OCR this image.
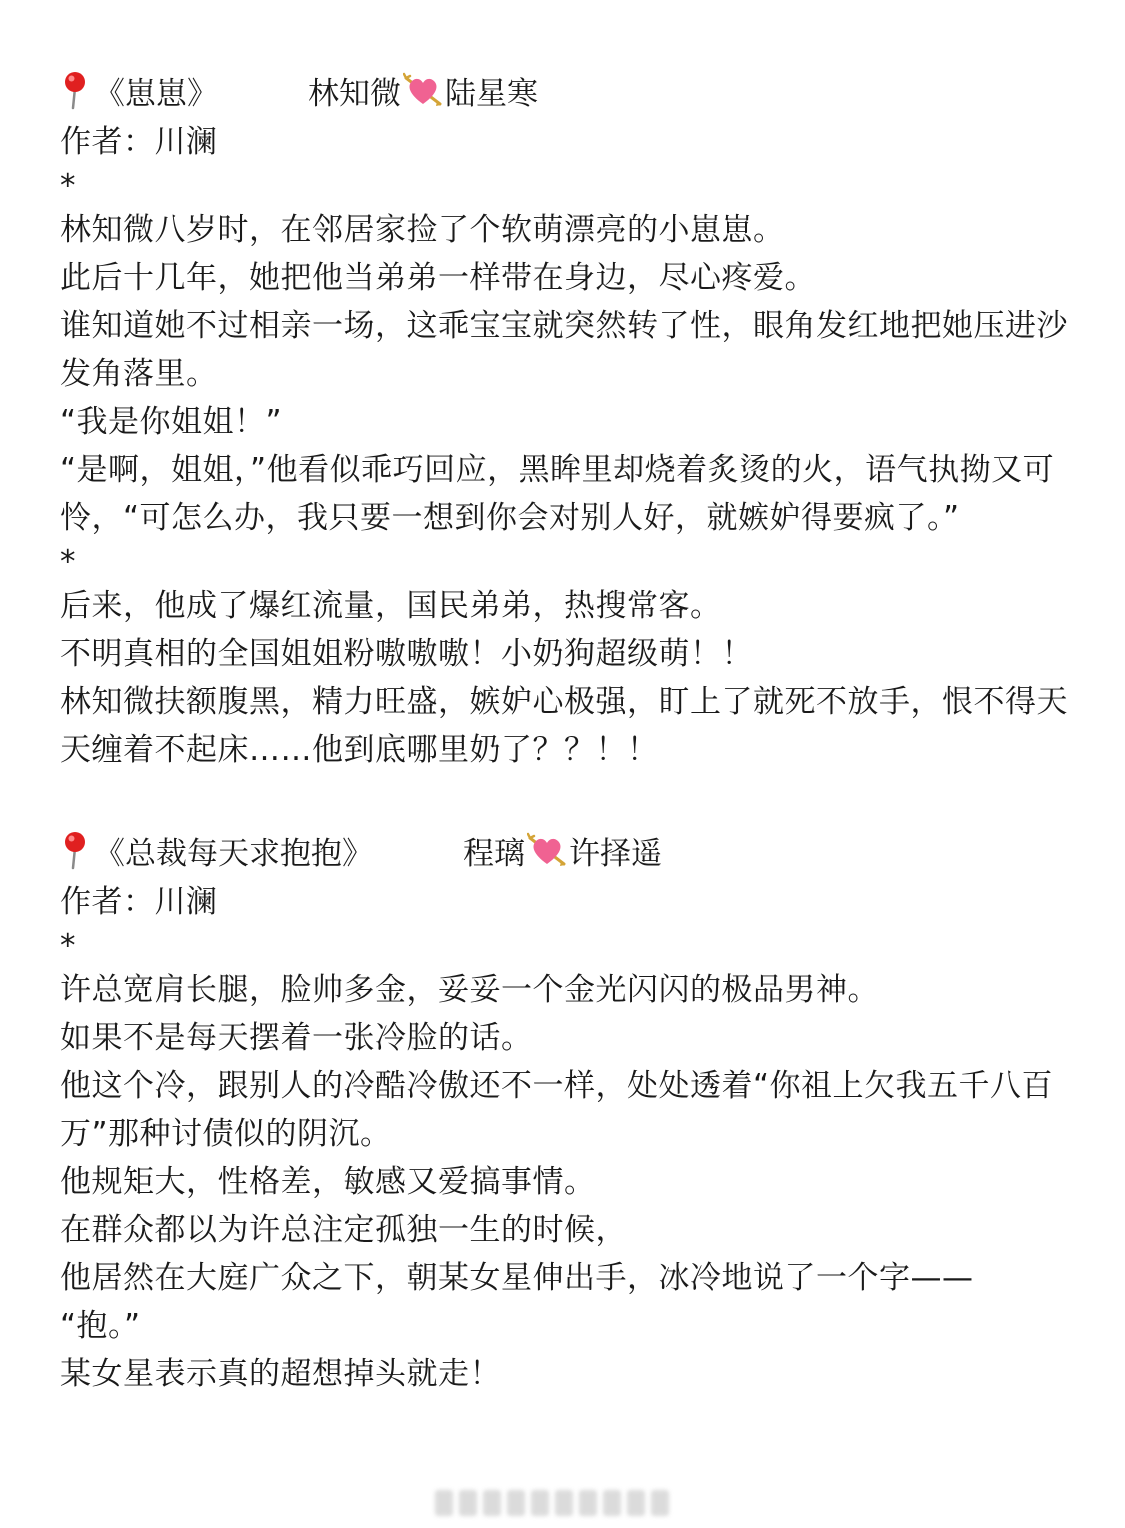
《崽崽》	林知微 陆星寒
作者：川澜
*
林知微八岁时，在邻居家捡了个软萌漂亮的小崽崽。
此后十几年，她把他当弟弟一样带在身边，尽心疼爱。
谁知道她不过相亲一场，这乖宝宝就突然转了性，眼角发红地把她压进沙发角落里。
“我是你姐姐！”
“是啊，姐姐，”他看似乖巧回应，黑眸里却烧着炙烫的火，语气执拗又可怜，“可怎么办，我只要一想到你会对别人好，就嫉妒得要疯了。”
*
后来，他成了爆红流量，国民弟弟，热搜常客。
不明真相的全国姐姐粉嗷嗷嗷！小奶狗超级萌！！
林知微扶额腹黑，精力旺盛，嫉妒心极强，盯上了就死不放手，恨不得天天缠着不起床……他到底哪里奶了？？！！
《总裁每天求抱抱》	程璃 许择遥
作者：川澜
*
许总宽肩长腿，脸帅多金，妥妥一个金光闪闪的极品男神。
如果不是每天摆着一张冷脸的话。
他这个冷，跟别人的冷酷冷傲还不一样，处处透着“你祖上欠我五千八百万”那种讨债似的阴沉。
他规矩大，性格差，敏感又爱搞事情。
在群众都以为许总注定孤独一生的时候，
他居然在大庭广众之下，朝某女星伸出手，冰冷地说了一个字——
“抱。”
某女星表示真的超想掉头就走！
